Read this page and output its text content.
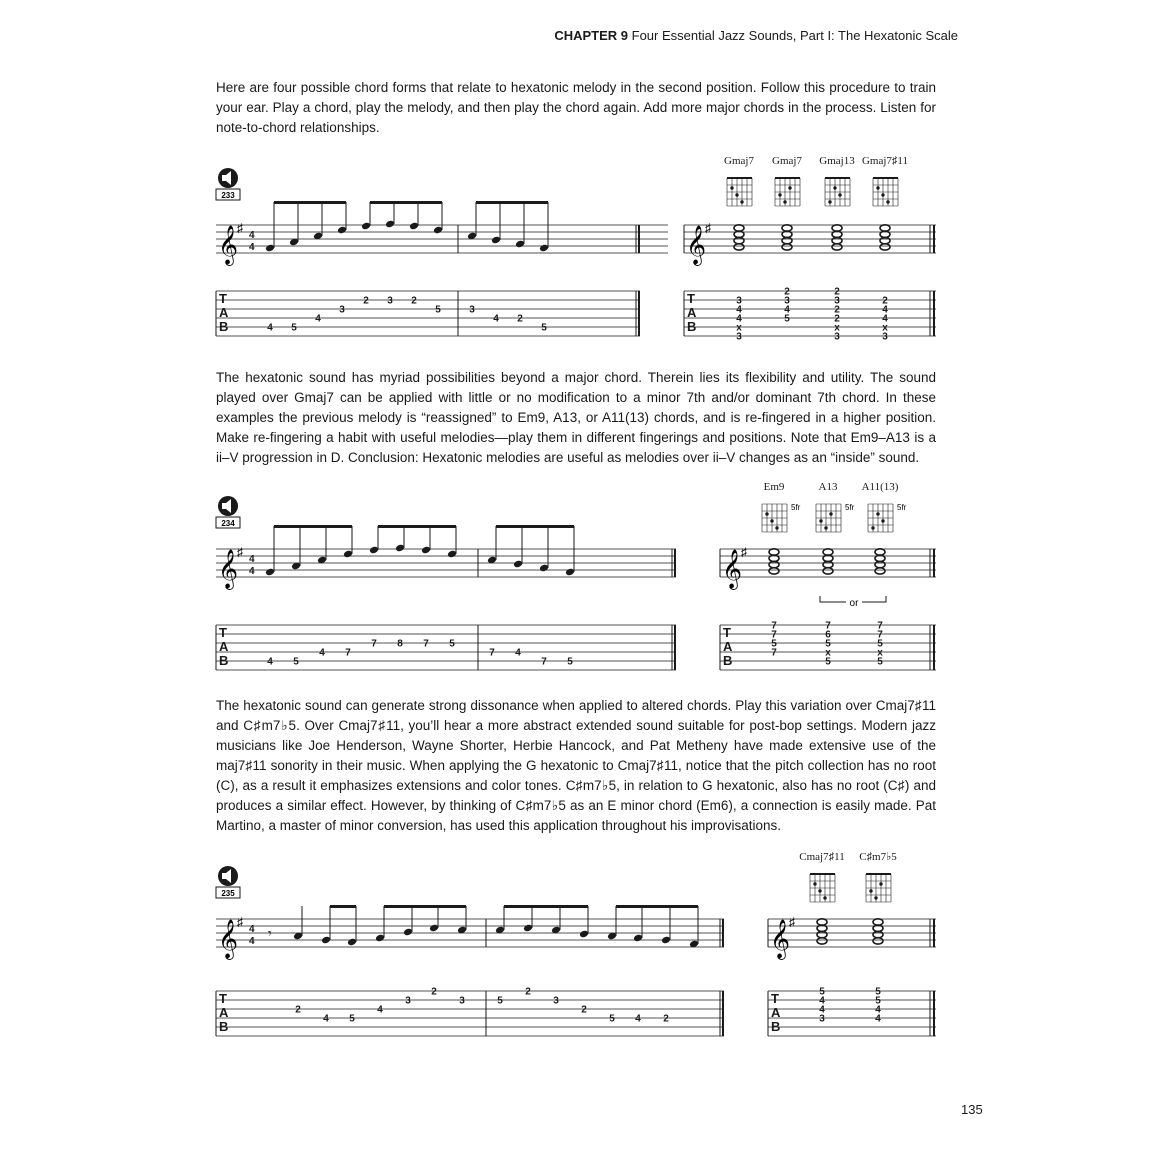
CHAPTER 9 Four Essential Jazz Sounds, Part I: The Hexatonic Scale
Here are four possible chord forms that relate to hexatonic melody in the second position. Follow this procedure to train your ear. Play a chord, play the melody, and then play the chord again. Add more major chords in the process. Listen for note-to-chord relationships.
233
𝄞
♯
4
4
T
A
B	4 5
4
3
2 3 2
5	3
4 2
5
𝄞
♯
T
A
B
Gmaj7
3
4
4
x
3
Gmaj7
2
3
4
5
Gmaj13
2
3
2
2
x
3
Gmaj7♯11
2
4
4
x
3
The hexatonic sound has myriad possibilities beyond a major chord. Therein lies its flexibility and utility. The sound played over Gmaj7 can be applied with little or no modification to a minor 7th and/or dominant 7th chord. In these examples the previous melody is “reassigned” to Em9, A13, or A11(13) chords, and is re-fingered in a higher position. Make re-fingering a habit with useful melodies—play them in different fingerings and positions. Note that Em9–A13 is a ii–V progression in D. Conclusion: Hexatonic melodies are useful as melodies over ii–V changes as an “inside” sound.
234
𝄞
♯
4
4
T
A
B	4 5
4 7
7 8 7 5
7 4
7 5
𝄞
♯
T
A
B
or
Em9
5fr
7
7
5
7
A13
5fr
7
6
5
x
5
A11(13)
5fr
7
7
5
x
5
The hexatonic sound can generate strong dissonance when applied to altered chords. Play this variation over Cmaj7♯11 and C♯m7♭5. Over Cmaj7♯11, you’ll hear a more abstract extended sound suitable for post-bop settings. Modern jazz musicians like Joe Henderson, Wayne Shorter, Herbie Hancock, and Pat Metheny have made extensive use of the maj7♯11 sonority in their music. When applying the G hexatonic to Cmaj7♯11, notice that the pitch collection has no root (C), as a result it emphasizes extensions and color tones. C♯m7♭5, in relation to G hexatonic, also has no root (C♯) and produces a similar effect. However, by thinking of C♯m7♭5 as an E minor chord (Em6), a connection is easily made. Pat Martino, a master of minor conversion, has used this application throughout his improvisations.
235
𝄞
♯
4
4
𝄾
T
A
B
2
4 5
4
3
2
3	5
2
3
2
5 4 2
𝄞
♯
T
A
B
Cmaj7♯11
5
4
4
3
C♯m7♭5
5
5
4
4
135
